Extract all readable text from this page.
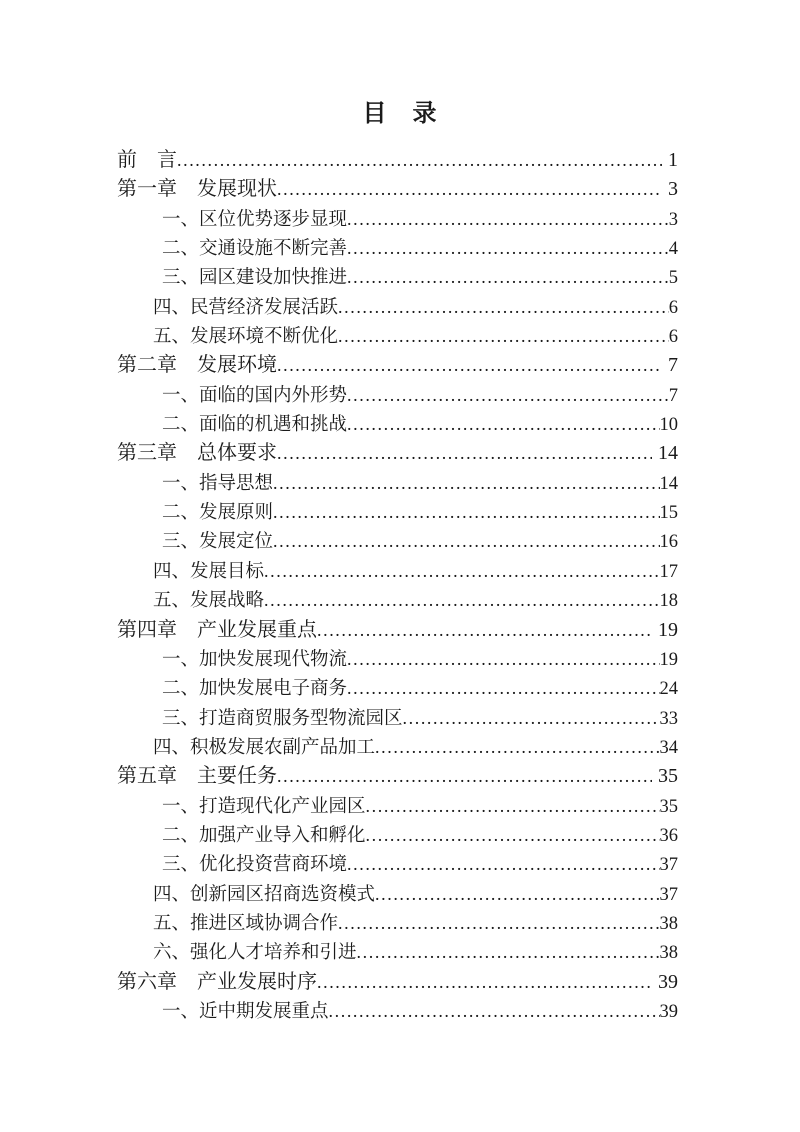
目　录
前　言 .....	1
第一章　发展现状 .....	3
一、区位优势逐步显现 .....	3
二、交通设施不断完善 .....	4
三、园区建设加快推进 .....	5
四、民营经济发展活跃 .....	6
五、发展环境不断优化 .....	6
第二章　发展环境 .....	7
一、面临的国内外形势 .....	7
二、面临的机遇和挑战 .....	10
第三章　总体要求 .....	14
一、指导思想 .....	14
二、发展原则 .....	15
三、发展定位 .....	16
四、发展目标 .....	17
五、发展战略 .....	18
第四章　产业发展重点 .....	19
一、加快发展现代物流 .....	19
二、加快发展电子商务 .....	24
三、打造商贸服务型物流园区 .....	33
四、积极发展农副产品加工 .....	34
第五章　主要任务 .....	35
一、打造现代化产业园区 .....	35
二、加强产业导入和孵化 .....	36
三、优化投资营商环境 .....	37
四、创新园区招商选资模式 .....	37
五、推进区域协调合作 .....	38
六、强化人才培养和引进 .....	38
第六章　产业发展时序 .....	39
一、近中期发展重点 .....	39
